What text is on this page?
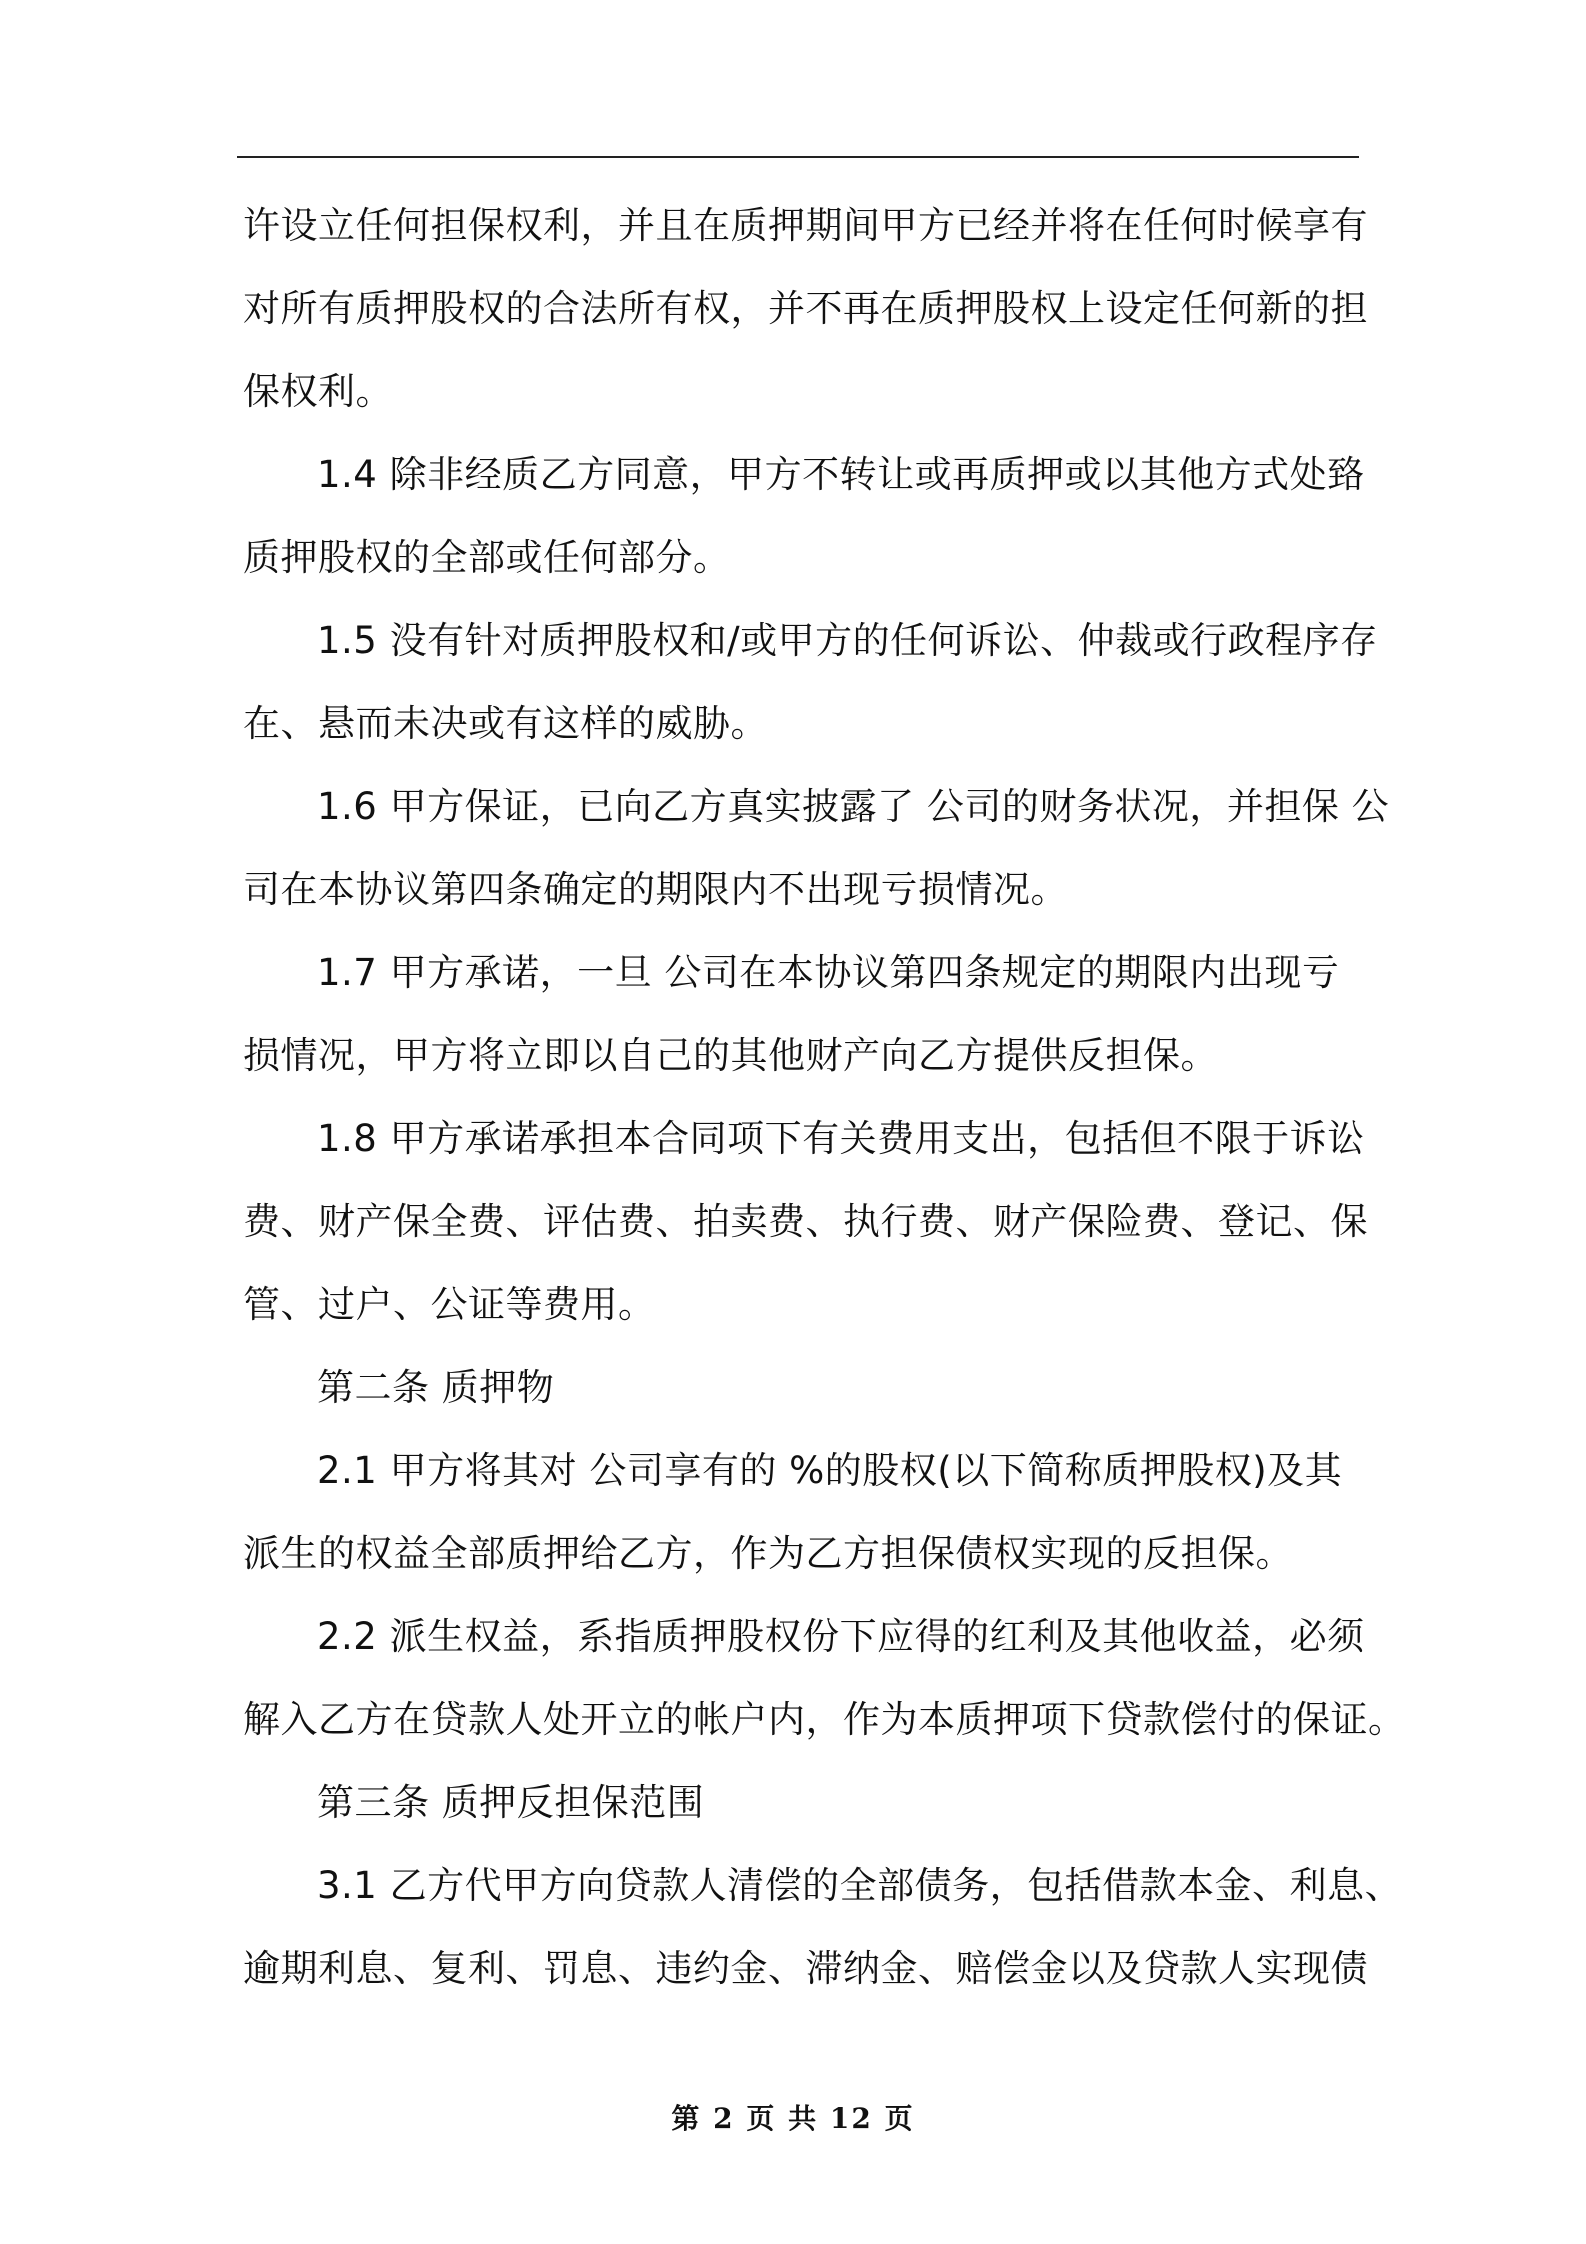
许设立任何担保权利，并且在质押期间甲方已经并将在任何时候享有
对所有质押股权的合法所有权，并不再在质押股权上设定任何新的担
保权利。
1.4 除非经质乙方同意，甲方不转让或再质押或以其他方式处臵
质押股权的全部或任何部分。
1.5 没有针对质押股权和/或甲方的任何诉讼、仲裁或行政程序存
在、悬而未决或有这样的威胁。
1.6 甲方保证，已向乙方真实披露了 公司的财务状况，并担保 公
司在本协议第四条确定的期限内不出现亏损情况。
1.7 甲方承诺，一旦 公司在本协议第四条规定的期限内出现亏
损情况，甲方将立即以自己的其他财产向乙方提供反担保。
1.8 甲方承诺承担本合同项下有关费用支出，包括但不限于诉讼
费、财产保全费、评估费、拍卖费、执行费、财产保险费、登记、保
管、过户、公证等费用。
第二条 质押物
2.1 甲方将其对 公司享有的 %的股权(以下简称质押股权)及其
派生的权益全部质押给乙方，作为乙方担保债权实现的反担保。
2.2 派生权益，系指质押股权份下应得的红利及其他收益，必须
解入乙方在贷款人处开立的帐户内，作为本质押项下贷款偿付的保证。
第三条 质押反担保范围
3.1 乙方代甲方向贷款人清偿的全部债务，包括借款本金、利息、
逾期利息、复利、罚息、违约金、滞纳金、赔偿金以及贷款人实现债
第 2 页 共 12 页
